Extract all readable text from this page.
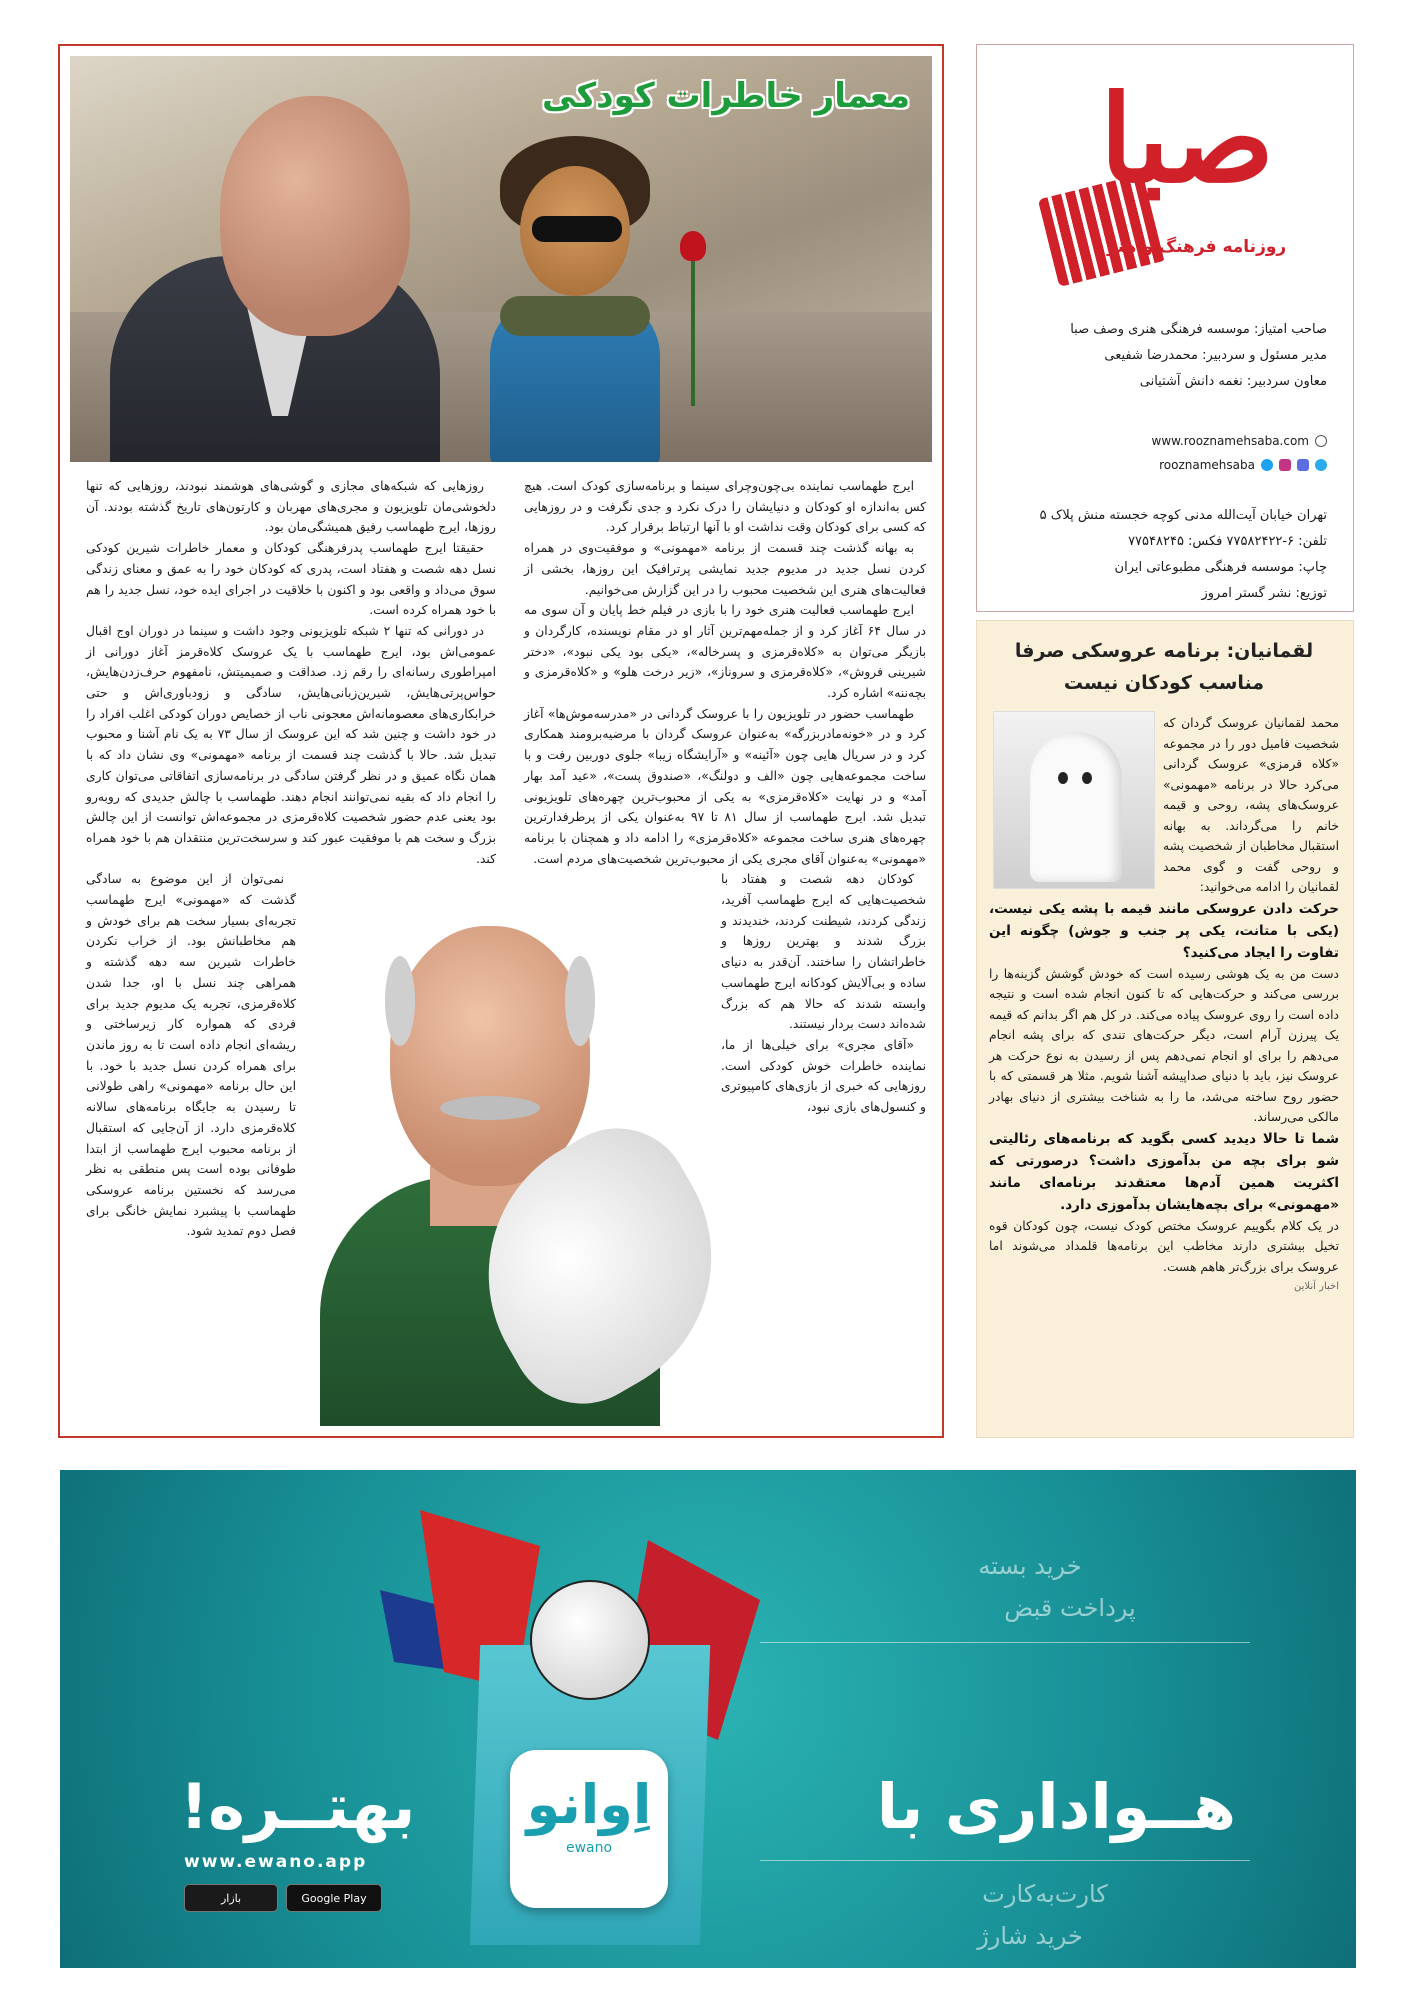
معمار خاطرات کودکی

ایرج طهماسب نماینده بی‌چون‌وچرای سینما و برنامه‌سازی کودک است. هیچ کس به‌اندازه او کودکان و دنیایشان را درک نکرد و جدی نگرفت و در روزهایی که کسی برای کودکان وقت نداشت او با آنها ارتباط برقرار کرد.

به بهانه گذشت چند قسمت از برنامه «مهمونی» و موفقیت‌وی در همراه کردن نسل جدید در مدیوم جدید نمایشی پرترافیک این روزها، بخشی از فعالیت‌های هنری این شخصیت محبوب را در این گزارش می‌خوانیم.

ایرج طهماسب فعالیت هنری خود را با بازی در فیلم خط پایان و آن سوی مه در سال ۶۴ آغاز کرد و از جمله‌مهم‌ترین آثار او در مقام نویسنده، کارگردان و بازیگر می‌توان به «کلاه‌قرمزی و پسرخاله»، «یکی بود یکی نبود»، «دختر شیرینی فروش»، «کلاه‌قرمزی و سروناز»، «زیر درخت هلو» و «کلاه‌قرمزی و بچه‌ننه» اشاره کرد.

طهماسب حضور در تلویزیون را با عروسک گردانی در «مدرسه‌موش‌ها» آغاز کرد و در «خونه‌مادربزرگه» به‌عنوان عروسک گردان با مرضیه‌برومند همکاری کرد و در سریال هایی چون «آئینه» و «آرایشگاه زیبا» جلوی دوربین رفت و با ساخت مجموعه‌هایی چون «الف و دولنگ»، «صندوق پست»، «عید آمد بهار آمد» و در نهایت «کلاه‌قرمزی» به یکی از محبوب‌ترین چهره‌های تلویزیونی تبدیل شد. ایرج طهماسب از سال ۸۱ تا ۹۷ به‌عنوان یکی از پرطرفدارترین چهره‌های هنری ساخت مجموعه «کلاه‌قرمزی» را ادامه داد و همچنان با برنامه «مهمونی» به‌عنوان آقای مجری یکی از محبوب‌ترین شخصیت‌های مردم است.

کودکان دهه شصت و هفتاد با شخصیت‌هایی که ایرج طهماسب آفرید، زندگی کردند، شیطنت کردند، خندیدند و بزرگ شدند و بهترین روزها و خاطراتشان را ساختند. آن‌قدر به دنیای ساده و بی‌آلایش کودکانه ایرج طهماسب وابسته شدند که حالا هم که بزرگ شده‌اند دست بردار نیستند.

«آقای مجری» برای خیلی‌ها از ما، نماینده خاطرات خوش کودکی است. روزهایی که خبری از بازی‌های کامپیوتری و کنسول‌های بازی نبود،

روزهایی که شبکه‌های مجازی و گوشی‌های هوشمند نبودند، روزهایی که تنها دلخوشی‌مان تلویزیون و مجری‌های مهربان و کارتون‌های تاریخ گذشته بودند. آن روزها، ایرج طهماسب رفیق همیشگی‌مان بود.

حقیقتا ایرج طهماسب پدرفرهنگی کودکان و معمار خاطرات شیرین کودکی نسل دهه شصت و هفتاد است، پدری که کودکان خود را به عمق و معنای زندگی سوق می‌داد و واقعی بود و اکنون با خلاقیت در اجرای ایده خود، نسل جدید را هم با خود همراه کرده است.

در دورانی که تنها ۲ شبکه تلویزیونی وجود داشت و سینما در دوران اوج اقبال عمومی‌اش بود، ایرج طهماسب با یک عروسک کلاه‌قرمز آغاز دورانی از امپراطوری رسانه‌ای را رقم زد. صداقت و صمیمیتش، نامفهوم حرف‌زدن‌هایش، حواس‌پرتی‌هایش، شیرین‌زبانی‌هایش، سادگی و زودباوری‌اش و حتی خرابکاری‌های معصومانه‌اش معجونی ناب از خصایص دوران کودکی اغلب افراد را در خود داشت و چنین شد که این عروسک از سال ۷۳ به یک نام آشنا و محبوب تبدیل شد. حالا با گذشت چند قسمت از برنامه «مهمونی» وی نشان داد که با همان نگاه عمیق و در نظر گرفتن سادگی در برنامه‌سازی اتفاقاتی می‌توان کاری را انجام داد که بقیه نمی‌توانند انجام دهند. طهماسب با چالش جدیدی که روبه‌رو بود یعنی عدم حضور شخصیت کلاه‌قرمزی در مجموعه‌اش توانست از این چالش بزرگ و سخت هم با موفقیت عبور کند و سرسخت‌ترین منتقدان هم با خود همراه کند.

نمی‌توان از این موضوع به سادگی گذشت که «مهمونی» ایرج طهماسب تجربه‌ای بسیار سخت هم برای خودش و هم مخاطبانش بود. از خراب نکردن خاطرات شیرین سه دهه گذشته و همراهی چند نسل با او، جدا شدن کلاه‌قرمزی، تجربه یک مدیوم جدید برای فردی که همواره کار زیرساختی و ریشه‌ای انجام داده است تا به روز ماندن برای همراه کردن نسل جدید با خود. با این حال برنامه «مهمونی» راهی طولانی تا رسیدن به جایگاه برنامه‌های سالانه کلاه‌قرمزی دارد. از آن‌جایی که استقبال از برنامه محبوب ایرج طهماسب از ابتدا طوفانی بوده است پس منطقی به نظر می‌رسد که نخستین برنامه عروسکی طهماسب با پیشبرد نمایش خانگی برای فصل دوم تمدید شود.

صبا
روزنامه فرهنگ و هنر
صاحب امتیاز: موسسه فرهنگی هنری وصف صبا
مدیر مسئول و سردبیر: محمدرضا شفیعی
معاون سردبیر: نغمه دانش آشتیانی
www.rooznamehsaba.com
rooznamehsaba
تهران خیابان آیت‌الله مدنی کوچه خجسته منش پلاک ۵
تلفن: ۶-۷۷۵۸۲۴۲۲ فکس: ۷۷۵۴۸۲۴۵
چاپ: موسسه فرهنگی مطبوعاتی ایران
توزیع: نشر گستر امروز
لقمانیان: برنامه عروسکی صرفا مناسب کودکان نیست

محمد لقمانیان عروسک گردان که شخصیت فامیل دور را در مجموعه «کلاه قرمزی» عروسک گردانی می‌کرد حالا در برنامه «مهمونی» عروسک‌های پشه، روحی و قیمه خانم را می‌گرداند. به بهانه استقبال مخاطبان از شخصیت پشه و روحی گفت و گوی محمد لقمانیان را ادامه می‌خوانید:

حرکت دادن عروسکی مانند قیمه با پشه یکی نیست، (یکی با متانت، یکی پر جنب و جوش) چگونه این تفاوت را ایجاد می‌کنید؟

دست من به یک هوشی رسیده است که خودش گوشش گزینه‌ها را بررسی می‌کند و حرکت‌هایی که تا کنون انجام شده است و نتیجه داده است را روی عروسک پیاده می‌کند. در کل هم اگر بدانم که قیمه یک پیرزن آرام است، دیگر حرکت‌های تندی که برای پشه انجام می‌دهم را برای او انجام نمی‌دهم پس از رسیدن به نوع حرکت هر عروسک نیز، باید با دنیای صداپیشه آشنا شویم. مثلا هر قسمتی که با حضور روح ساخته می‌شد، ما را به شناخت بیشتری از دنیای بهادر مالکی می‌رساند.

شما تا حالا دیدید کسی بگوید که برنامه‌های رئالیتی شو برای بچه من بدآموزی داشت؟ درصورتی که اکثریت همین آدم‌ها معتقدند برنامه‌ای مانند «مهمونی» برای بچه‌هایشان بدآموزی دارد.

در یک کلام بگوییم عروسک مختص کودک نیست، چون کودکان قوه تخیل بیشتری دارند مخاطب این برنامه‌ها قلمداد می‌شوند اما عروسک برای بزرگ‌تر هاهم هست.

اخبار آنلاین

اِوانو
ewano
هــواداری با
بهتــره!
خرید بسته
پرداخت قبض
کارت‌به‌کارت
خرید شارژ
www.ewano.app
Google Play
بازار
